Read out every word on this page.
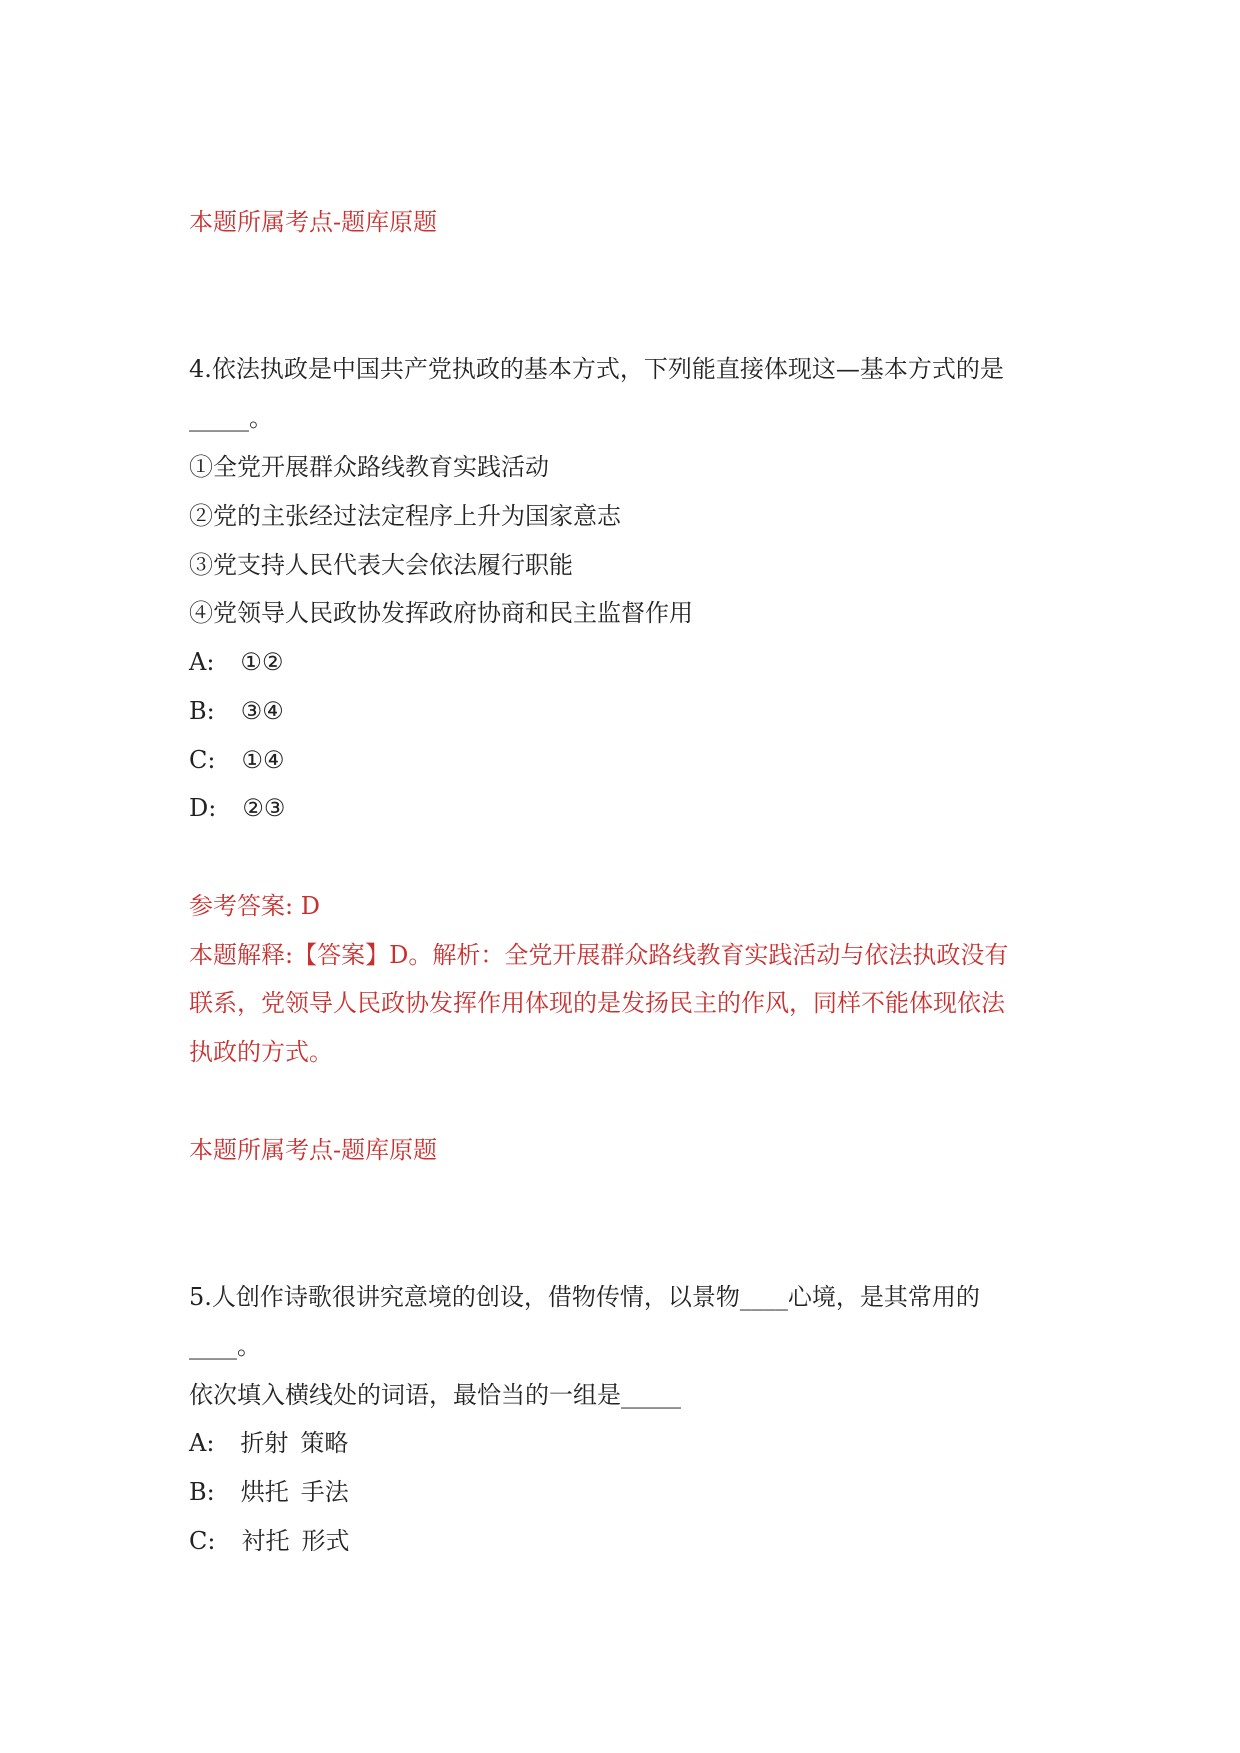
本题所属考点-题库原题
4.依法执政是中国共产党执政的基本方式，下列能直接体现这—基本方式的是
_____。
①全党开展群众路线教育实践活动
②党的主张经过法定程序上升为国家意志
③党支持人民代表大会依法履行职能
④党领导人民政协发挥政府协商和民主监督作用
A: ①②
B: ③④
C: ①④
D: ②③
参考答案: D
本题解释:【答案】D。解析：全党开展群众路线教育实践活动与依法执政没有
联系，党领导人民政协发挥作用体现的是发扬民主的作风，同样不能体现依法
执政的方式。
本题所属考点-题库原题
5.人创作诗歌很讲究意境的创设，借物传情，以景物____心境，是其常用的
____。
依次填入横线处的词语，最恰当的一组是_____
A: 折射 策略
B: 烘托 手法
C: 衬托 形式
